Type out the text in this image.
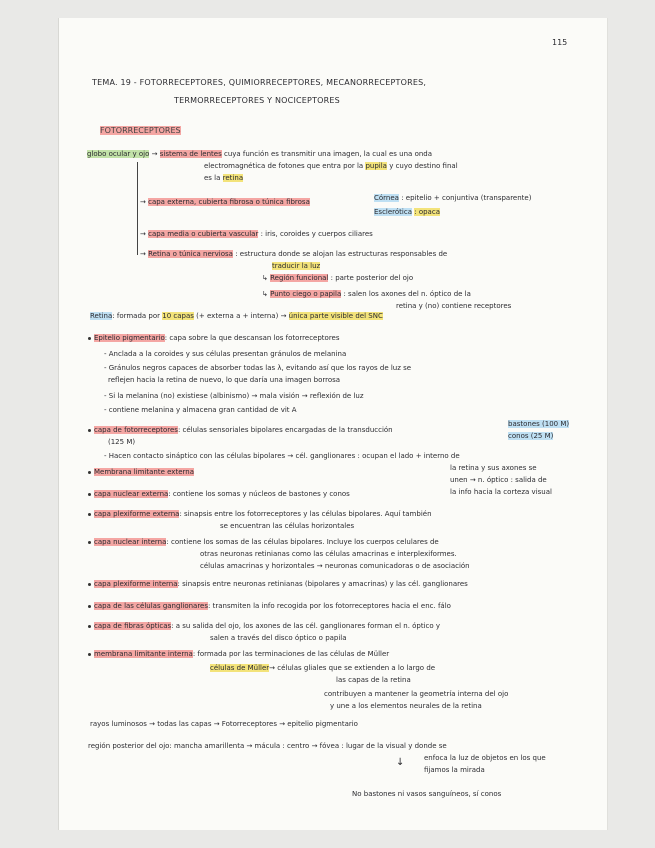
115
TEMA. 19 - FOTORRECEPTORES, QUIMIORRECEPTORES, MECANORRECEPTORES,
TERMORRECEPTORES Y NOCICEPTORES
FOTORRECEPTORES
globo ocular y ojo → sistema de lentes cuya función es transmitir una imagen, la cual es una onda
electromagnética de fotones que entra por la pupila y cuyo destino final
es la retina
→ capa externa, cubierta fibrosa o túnica fibrosa	Córnea : epitelio + conjuntiva (transparente)
Esclerótica : opaca
→ capa media o cubierta vascular : iris, coroides y cuerpos ciliares
→ Retina o túnica nerviosa : estructura donde se alojan las estructuras responsables de
traducir la luz
↳ Región funcional : parte posterior del ojo
↳ Punto ciego o papila : salen los axones del n. óptico de la
retina y (no) contiene receptores
Retina: formada por 10 capas (+ externa a + interna) → única parte visible del SNC
Epitelio pigmentario: capa sobre la que descansan los fotorreceptores
- Anclada a la coroides y sus células presentan gránulos de melanina
- Gránulos negros capaces de absorber todas las λ, evitando así que los rayos de luz se
reflejen hacia la retina de nuevo, lo que daría una imagen borrosa
- Si la melanina (no) existiese (albinismo) → mala visión → reflexión de luz
- contiene melanina y almacena gran cantidad de vit A
capa de fotorreceptores: células sensoriales bipolares encargadas de la transducción
(125 M)
bastones (100 M)
conos (25 M)
- Hacen contacto sináptico con las células bipolares → cél. ganglionares : ocupan el lado + interno de
la retina y sus axones se
unen → n. óptico : salida de
la info hacia la corteza visual
Membrana limitante externa
capa nuclear externa: contiene los somas y núcleos de bastones y conos
capa plexiforme externa: sinapsis entre los fotorreceptores y las células bipolares. Aquí también
se encuentran las células horizontales
capa nuclear interna: contiene los somas de las células bipolares. Incluye los cuerpos celulares de
otras neuronas retinianas como las células amacrinas e interplexiformes.
células amacrinas y horizontales → neuronas comunicadoras o de asociación
capa plexiforme interna: sinapsis entre neuronas retinianas (bipolares y amacrinas) y las cél. ganglionares
capa de las células ganglionares: transmiten la info recogida por los fotorreceptores hacia el enc. fálo
capa de fibras ópticas: a su salida del ojo, los axones de las cél. ganglionares forman el n. óptico y
salen a través del disco óptico o papila
membrana limitante interna: formada por las terminaciones de las células de Müller
células de Müller→ células gliales que se extienden a lo largo de
las capas de la retina
contribuyen a mantener la geometría interna del ojo
y une a los elementos neurales de la retina
rayos luminosos → todas las capas → Fotorreceptores → epitelio pigmentario
región posterior del ojo: mancha amarillenta → mácula : centro → fóvea : lugar de la visual y donde se
enfoca la luz de objetos en los que
fijamos la mirada
↓
No bastones ni vasos sanguíneos, sí conos
